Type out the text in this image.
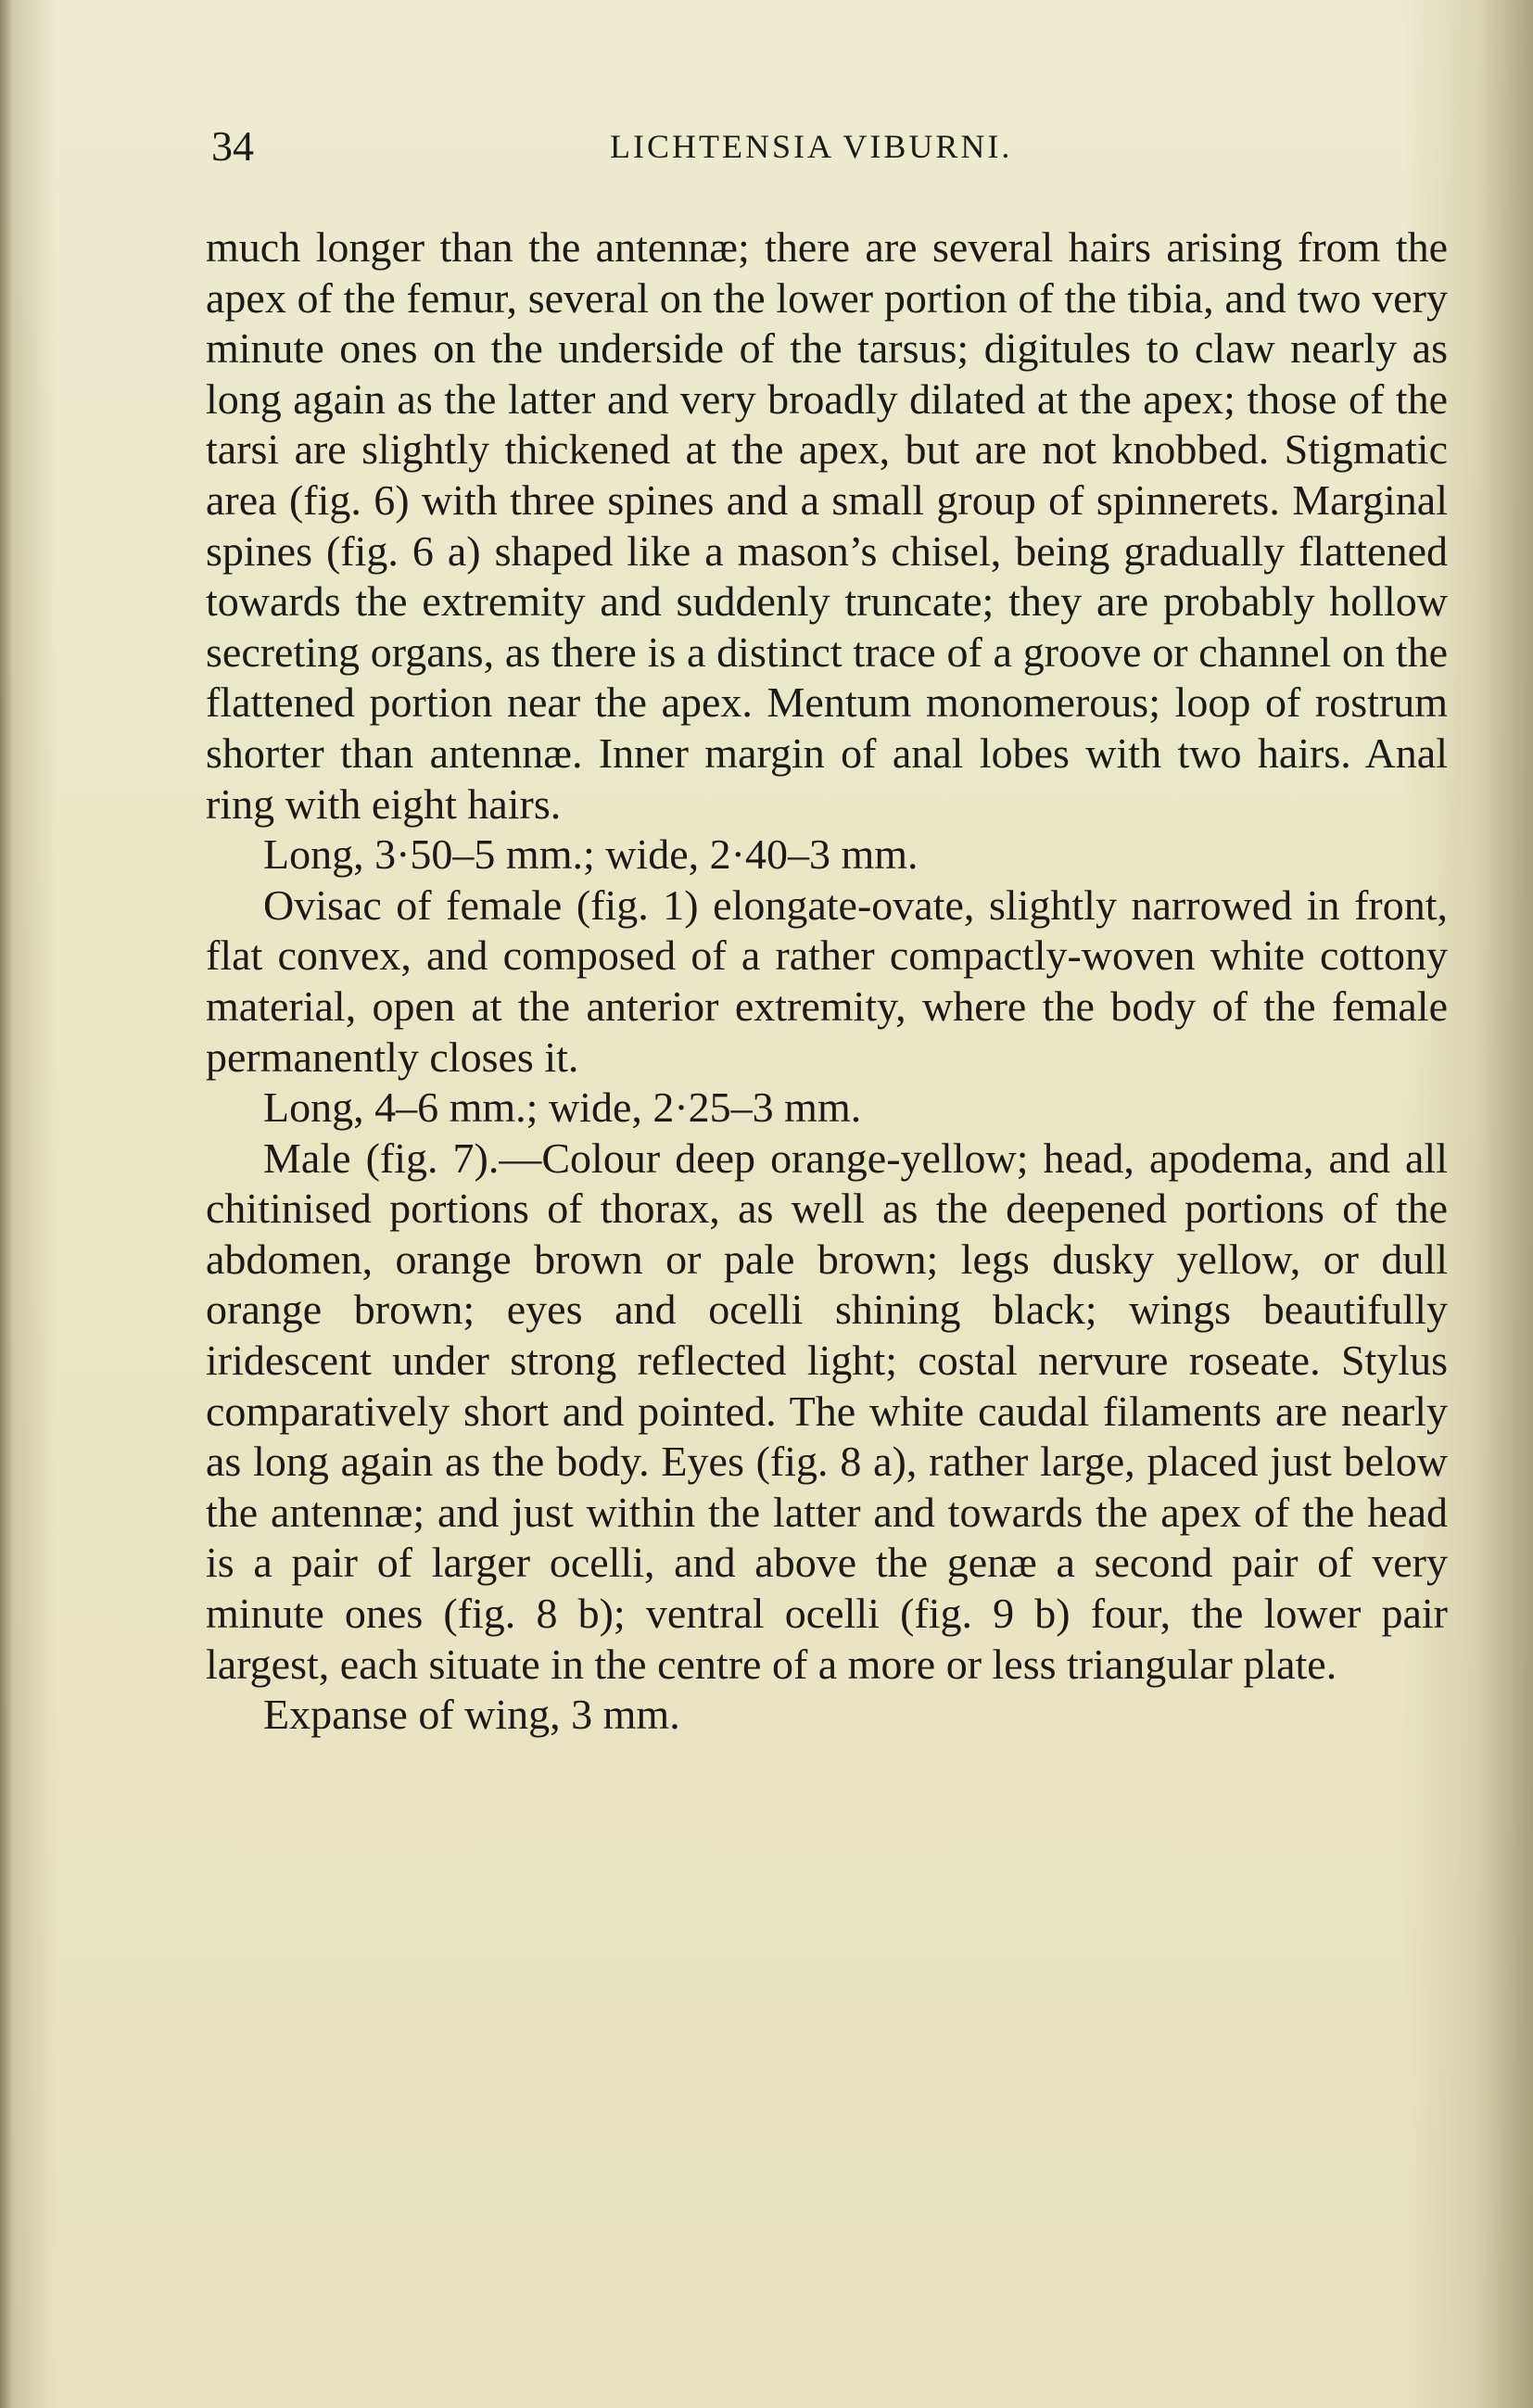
34	LICHTENSIA VIBURNI.

much longer than the antennæ; there are several hairs arising from the apex of the femur, several on the lower portion of the tibia, and two very minute ones on the underside of the tarsus; digitules to claw nearly as long again as the latter and very broadly dilated at the apex; those of the tarsi are slightly thickened at the apex, but are not knobbed. Stigmatic area (fig. 6) with three spines and a small group of spinnerets. Marginal spines (fig. 6 a) shaped like a mason’s chisel, being gradually flattened towards the extremity and suddenly truncate; they are probably hollow secreting organs, as there is a distinct trace of a groove or channel on the flattened portion near the apex. Mentum monomerous; loop of rostrum shorter than antennæ. Inner margin of anal lobes with two hairs. Anal ring with eight hairs.

Long, 3·50–5 mm.; wide, 2·40–3 mm.

Ovisac of female (fig. 1) elongate-ovate, slightly narrowed in front, flat convex, and composed of a rather compactly-woven white cottony material, open at the anterior extremity, where the body of the female permanently closes it.

Long, 4–6 mm.; wide, 2·25–3 mm.

Male (fig. 7).—Colour deep orange-yellow; head, apodema, and all chitinised portions of thorax, as well as the deepened portions of the abdomen, orange brown or pale brown; legs dusky yellow, or dull orange brown; eyes and ocelli shining black; wings beautifully iridescent under strong reflected light; costal nervure roseate. Stylus comparatively short and pointed. The white caudal filaments are nearly as long again as the body. Eyes (fig. 8 a), rather large, placed just below the antennæ; and just within the latter and towards the apex of the head is a pair of larger ocelli, and above the genæ a second pair of very minute ones (fig. 8 b); ventral ocelli (fig. 9 b) four, the lower pair largest, each situate in the centre of a more or less triangular plate.

Expanse of wing, 3 mm.
